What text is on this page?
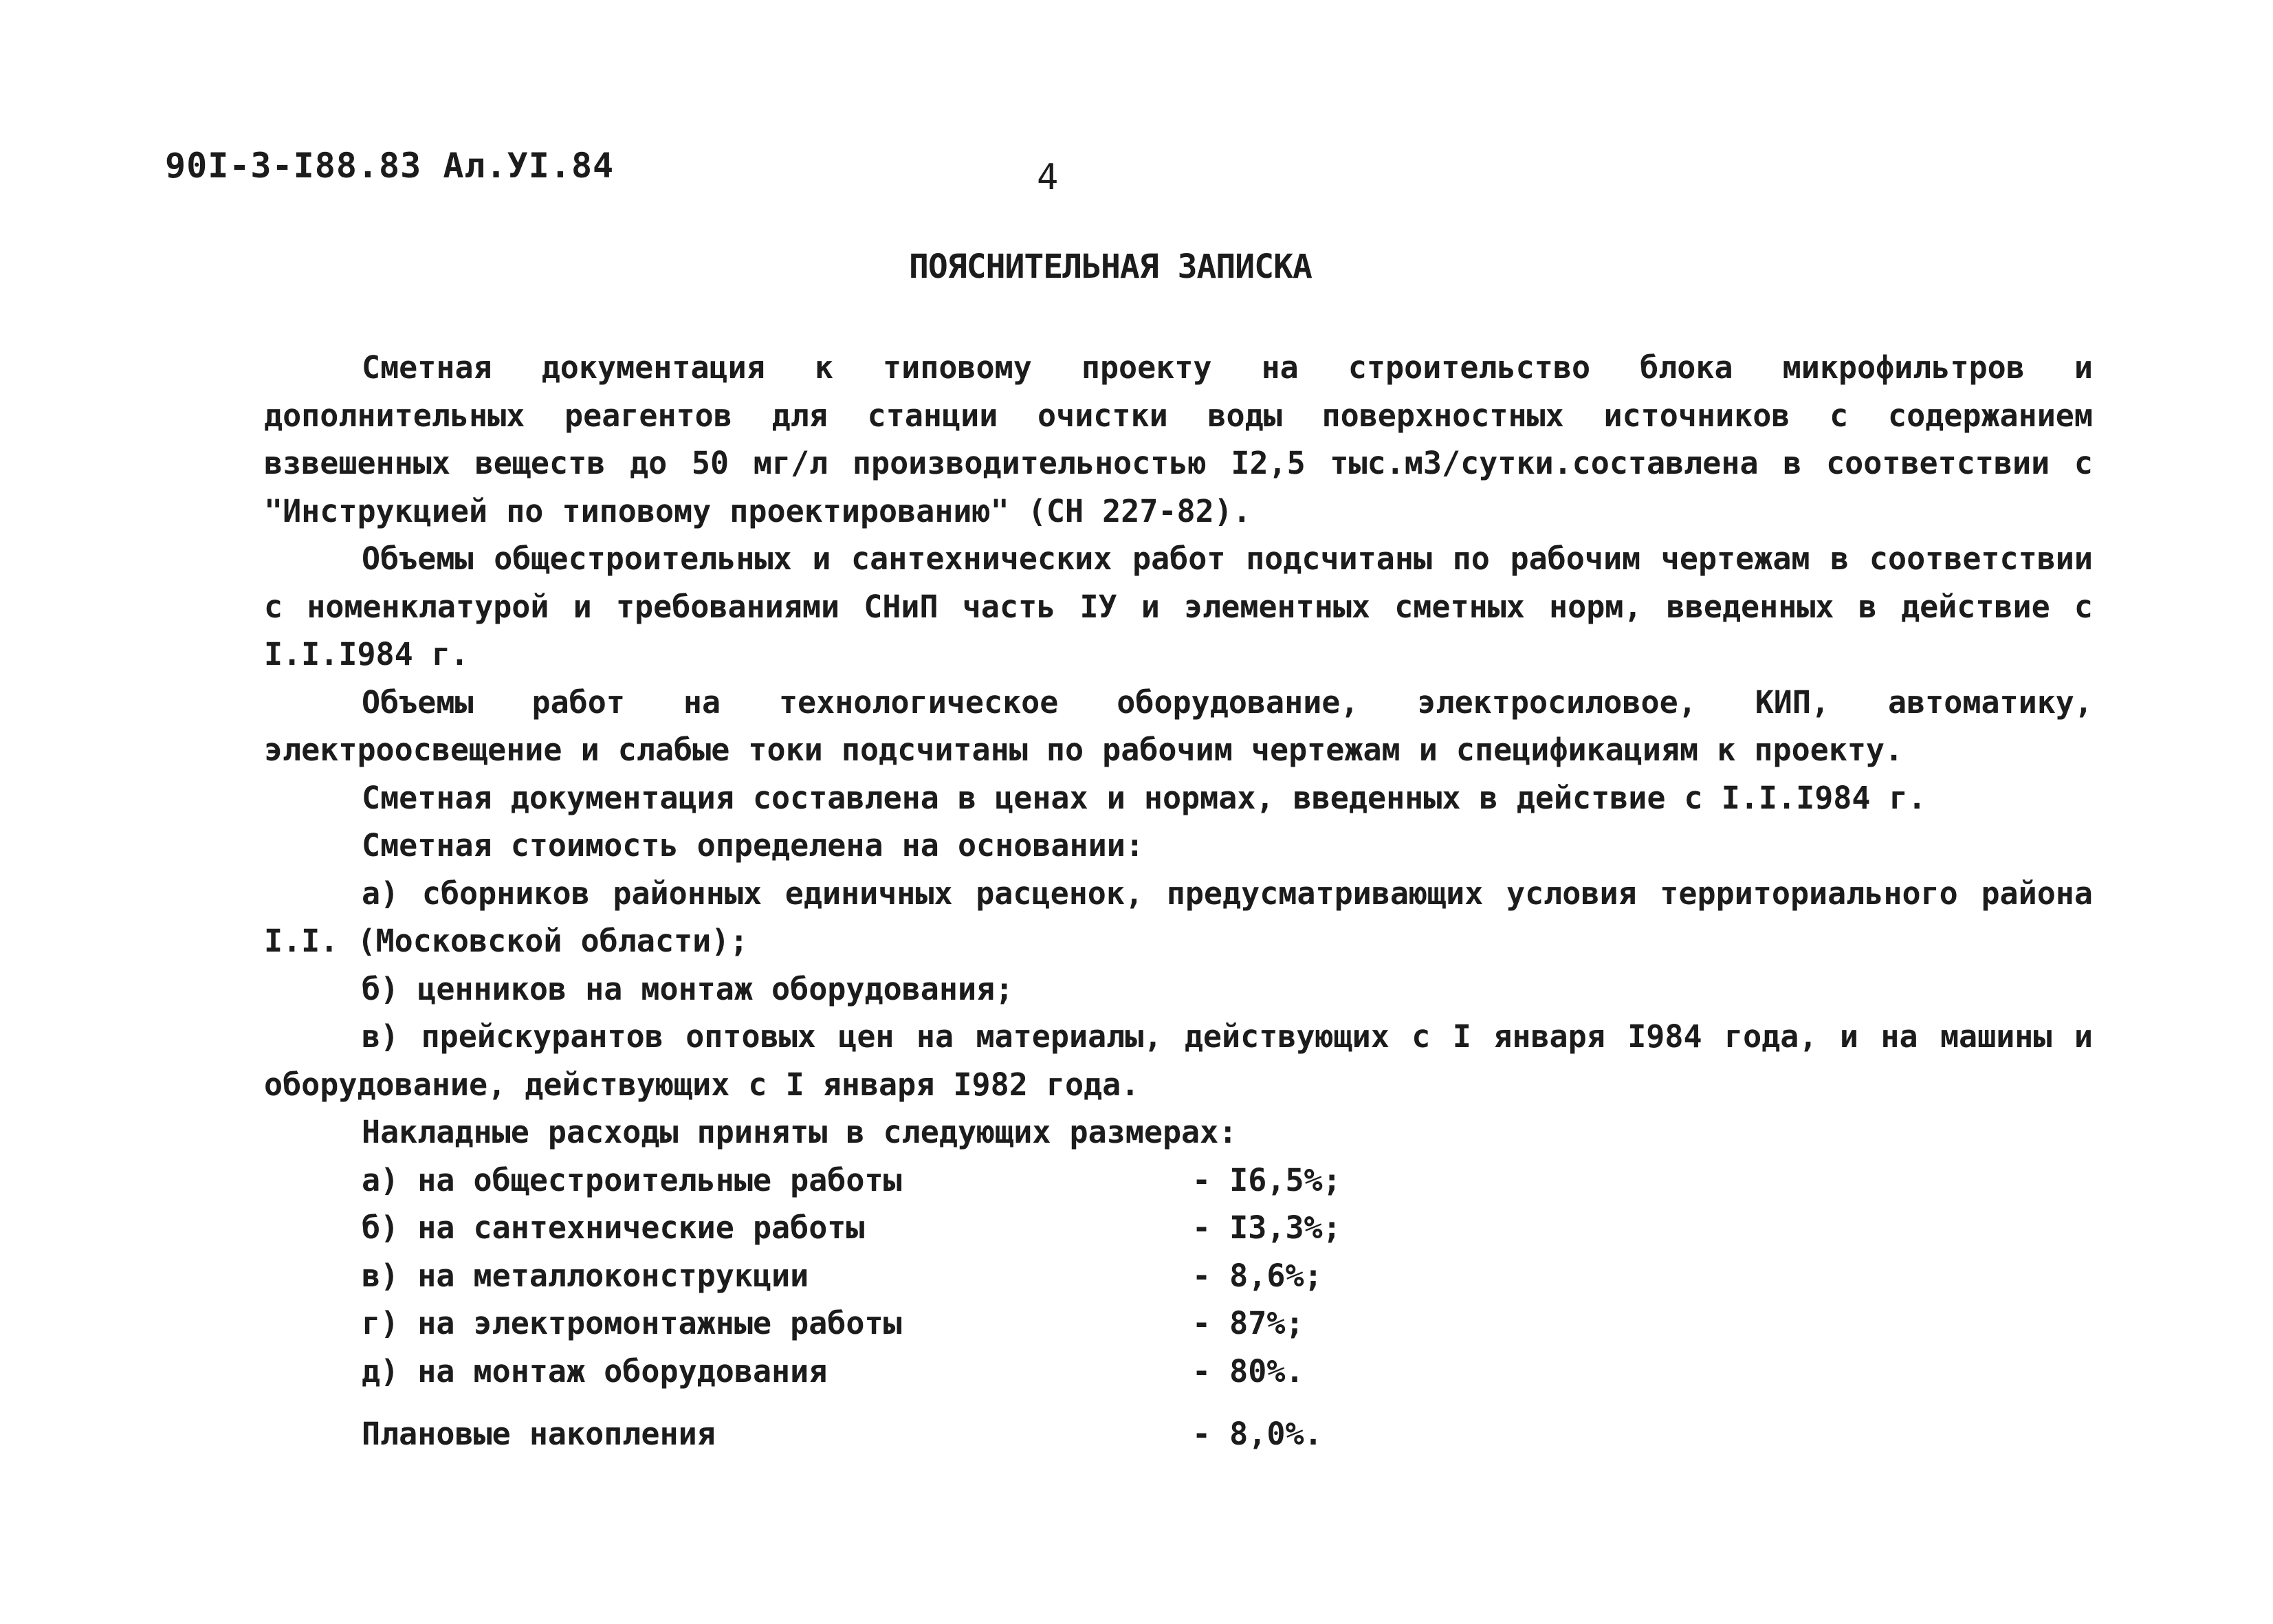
90I-3-I88.83 Ал.УI.84	4
ПОЯСНИТЕЛЬНАЯ ЗАПИСКА

Сметная документация к типовому проекту на строительство блока микрофильтров и дополнительных реагентов для станции очистки воды поверхностных источников с содержанием взвешенных веществ до 50 мг/л производительностью I2,5 тыс.м3/сутки.составлена в соответствии с "Инструкцией по типовому проектированию" (СН 227-82).

Объемы общестроительных и сантехнических работ подсчитаны по рабочим чертежам в соответствии с номенклатурой и требованиями СНиП часть IУ и элементных сметных норм, введенных в действие с I.I.I984 г.

Объемы работ на технологическое оборудование, электросиловое, КИП, автоматику, электроосвещение и слабые токи подсчитаны по рабочим чертежам и спецификациям к проекту.

Сметная документация составлена в ценах и нормах, введенных в действие с I.I.I984 г.

Сметная стоимость определена на основании:

а) сборников районных единичных расценок, предусматривающих условия территориального района I.I. (Московской области);

б) ценников на монтаж оборудования;

в) прейскурантов оптовых цен на материалы, действующих с I января I984 года, и на машины и оборудование, действующих с I января I982 года.

Накладные расходы приняты в следующих размерах:

а) на общестроительные работы	- I6,5%;
б) на сантехнические работы	- I3,3%;
в) на металлоконструкции	- 8,6%;
г) на электромонтажные работы	- 87%;
д) на монтаж оборудования	- 80%.
Плановые накопления	- 8,0%.
